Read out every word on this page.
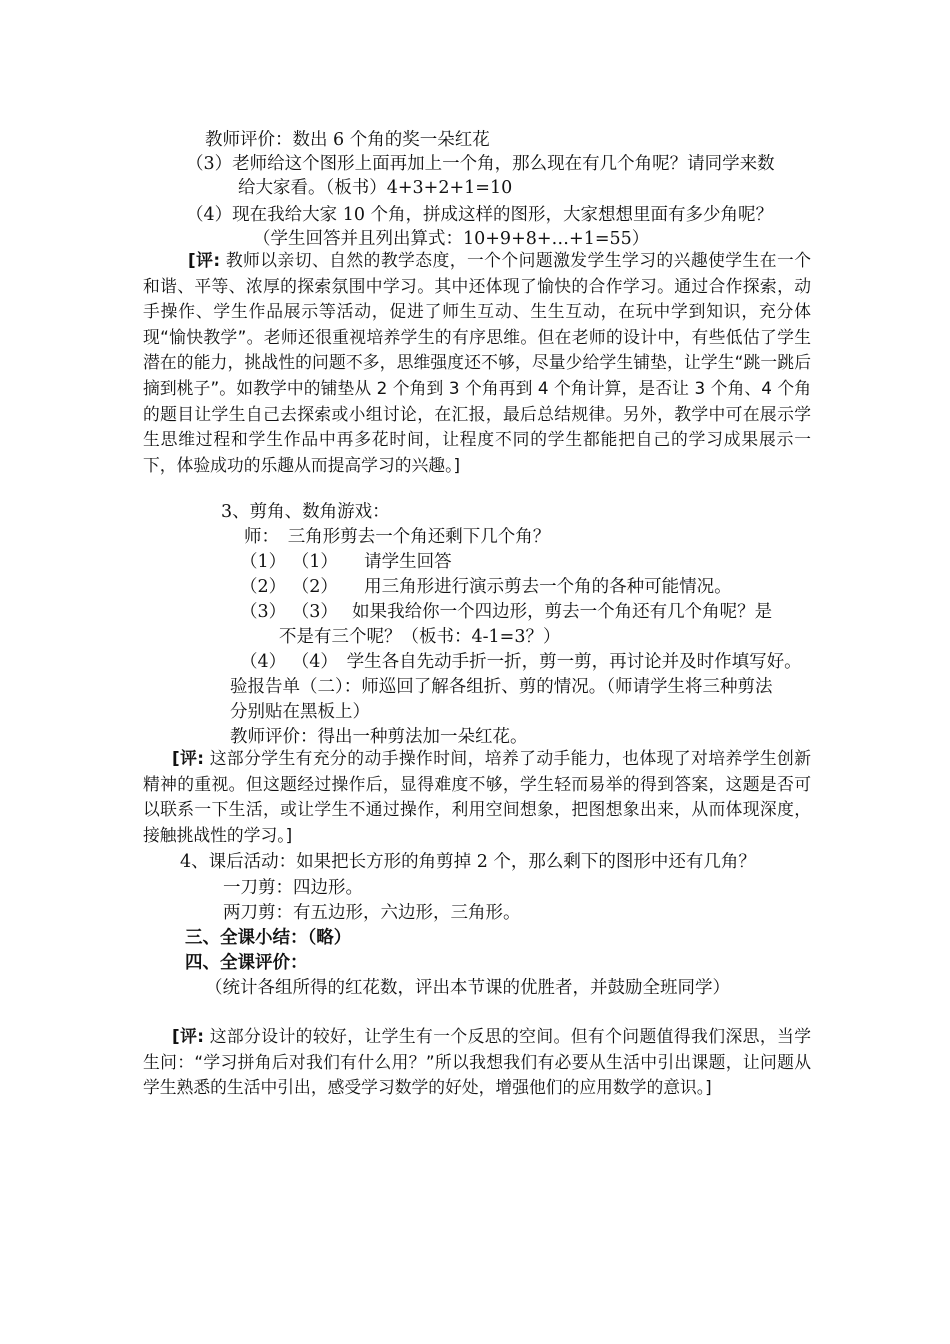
教师评价：数出 6 个角的奖一朵红花
（3）老师给这个图形上面再加上一个角，那么现在有几个角呢？请同学来数
给大家看。（板书）4+3+2+1=10
（4）现在我给大家 10 个角，拼成这样的图形，大家想想里面有多少角呢？
（学生回答并且列出算式：10+9+8+…+1=55）
[评: 教师以亲切、自然的教学态度，一个个问题激发学生学习的兴趣使学生在一个和谐、平等、浓厚的探索氛围中学习。其中还体现了愉快的合作学习。通过合作探索，动手操作、学生作品展示等活动，促进了师生互动、生生互动，在玩中学到知识，充分体现“愉快教学”。老师还很重视培养学生的有序思维。但在老师的设计中，有些低估了学生潜在的能力，挑战性的问题不多，思维强度还不够，尽量少给学生铺垫，让学生“跳一跳后摘到桃子”。如教学中的铺垫从 2 个角到 3 个角再到 4 个角计算，是否让 3 个角、4 个角的题目让学生自己去探索或小组讨论，在汇报，最后总结规律。另外，教学中可在展示学生思维过程和学生作品中再多花时间，让程度不同的学生都能把自己的学习成果展示一下，体验成功的乐趣从而提高学习的兴趣。]
3、剪角、数角游戏：
师：　三角形剪去一个角还剩下几个角？
（1） （1）　　请学生回答
（2） （2）　　用三角形进行演示剪去一个角的各种可能情况。
（3） （3）　 如果我给你一个四边形，剪去一个角还有几个角呢？是
不是有三个呢？（板书：4-1=3？）
（4） （4）　学生各自先动手折一折，剪一剪，再讨论并及时作填写好。
验报告单（二）：师巡回了解各组折、剪的情况。（师请学生将三种剪法
分别贴在黑板上）
教师评价：得出一种剪法加一朵红花。
[评: 这部分学生有充分的动手操作时间，培养了动手能力，也体现了对培养学生创新精神的重视。但这题经过操作后，显得难度不够，学生轻而易举的得到答案，这题是否可以联系一下生活，或让学生不通过操作，利用空间想象，把图想象出来，从而体现深度，接触挑战性的学习。]
4、课后活动：如果把长方形的角剪掉 2 个，那么剩下的图形中还有几角？
一刀剪：四边形。
两刀剪：有五边形，六边形，三角形。
三、全课小结：（略）
四、全课评价：
（统计各组所得的红花数，评出本节课的优胜者，并鼓励全班同学）
[评: 这部分设计的较好，让学生有一个反思的空间。但有个问题值得我们深思，当学生问：“学习拼角后对我们有什么用？”所以我想我们有必要从生活中引出课题，让问题从学生熟悉的生活中引出，感受学习数学的好处，增强他们的应用数学的意识。]
